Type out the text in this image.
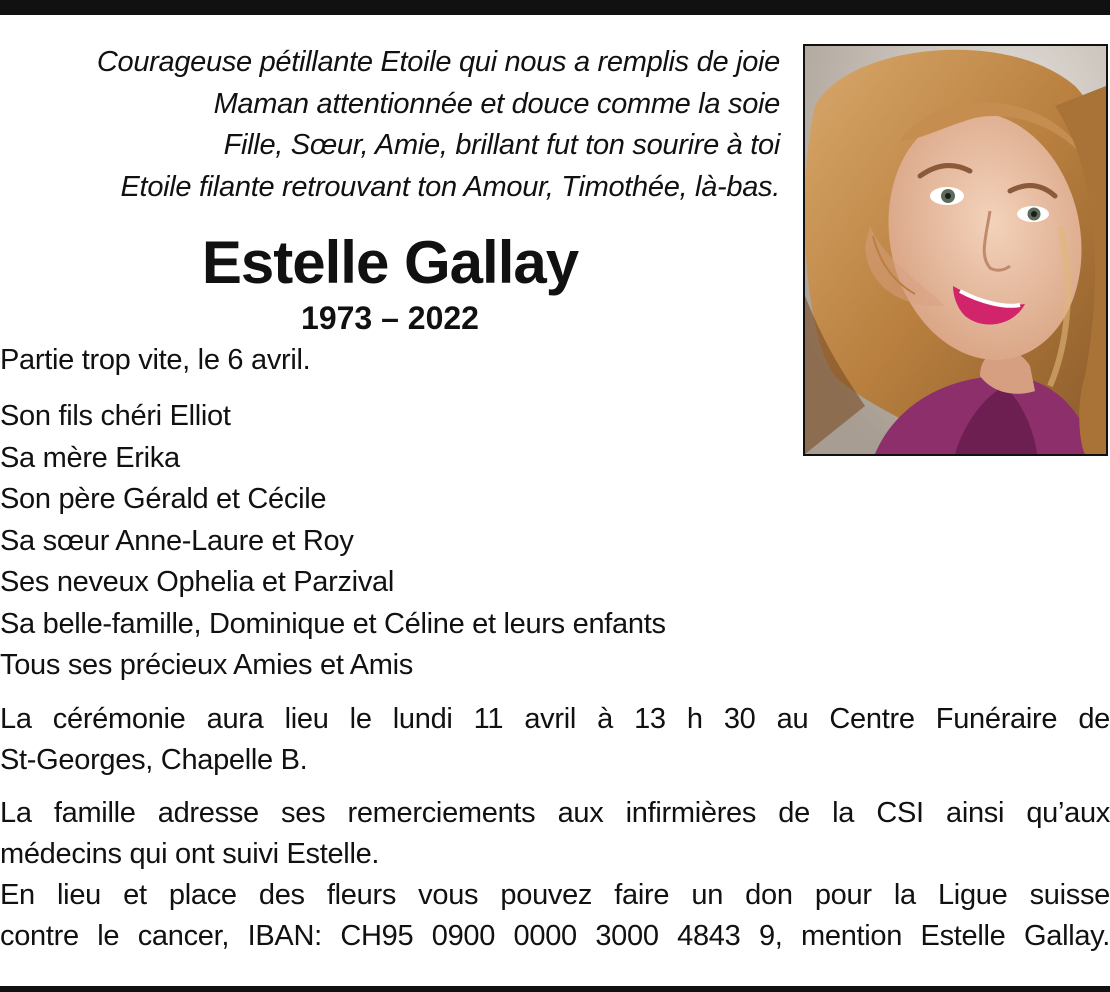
Courageuse pétillante Etoile qui nous a remplis de joie
Maman attentionnée et douce comme la soie
Fille, Sœur, Amie, brillant fut ton sourire à toi
Etoile filante retrouvant ton Amour, Timothée, là-bas.
Estelle Gallay
1973 – 2022
Partie trop vite, le 6 avril.
Son fils chéri Elliot
Sa mère Erika
Son père Gérald et Cécile
Sa sœur Anne-Laure et Roy
Ses neveux Ophelia et Parzival
Sa belle-famille, Dominique et Céline et leurs enfants
Tous ses précieux Amies et Amis
La cérémonie aura lieu le lundi 11 avril à 13 h 30 au Centre Funéraire de
St-Georges, Chapelle B.
La famille adresse ses remerciements aux infirmières de la CSI ainsi qu’aux
médecins qui ont suivi Estelle.
En lieu et place des fleurs vous pouvez faire un don pour la Ligue suisse
contre le cancer, IBAN: CH95 0900 0000 3000 4843 9, mention Estelle Gallay.
